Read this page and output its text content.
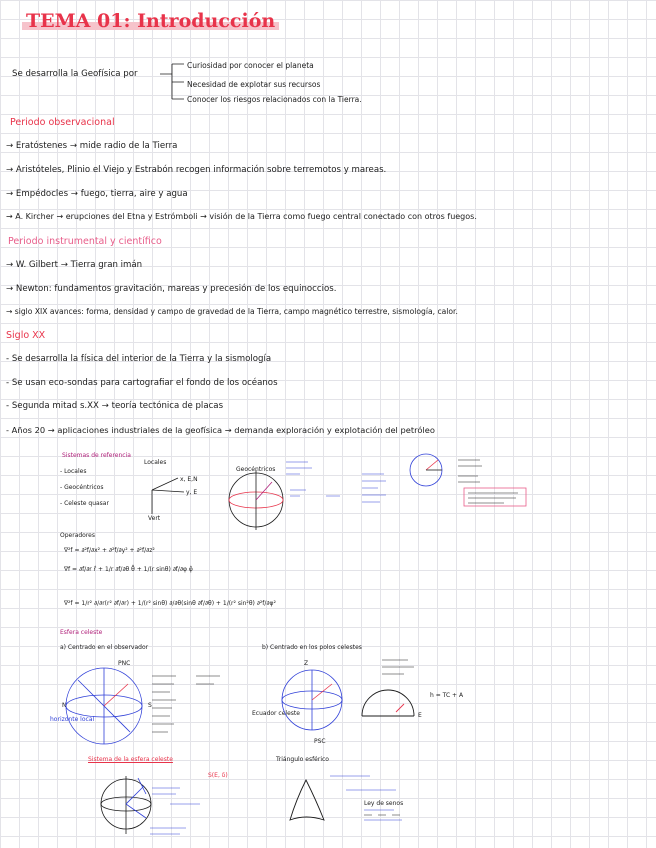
TEMA 01: Introducción
Se desarrolla la Geofísica por
Curiosidad por conocer el planeta
Necesidad de explotar sus recursos
Conocer los riesgos relacionados con la Tierra.
Periodo observacional
→ Eratóstenes → mide radio de la Tierra
→ Aristóteles, Plinio el Viejo y Estrabón recogen información sobre terremotos y mareas.
→ Empédocles → fuego, tierra, aire y agua
→ A. Kircher → erupciones del Etna y Estrómboli → visión de la Tierra como fuego central conectado con otros fuegos.
Periodo instrumental y científico
→ W. Gilbert → Tierra gran imán
→ Newton: fundamentos gravitación, mareas y precesión de los equinoccios.
→ siglo XIX avances: forma, densidad y campo de gravedad de la Tierra, campo magnético terrestre, sismología, calor.
Siglo XX
- Se desarrolla la física del interior de la Tierra y la sismología
- Se usan eco-sondas para cartografiar el fondo de los océanos
- Segunda mitad s.XX → teoría tectónica de placas
- Años 20 → aplicaciones industriales de la geofísica → demanda exploración y explotación del petróleo
Sistemas de referencia
- Locales
- Geocéntricos
- Celeste quasar
Locales
x, E,N
y, E
Vert
Geocéntricos
Operadores
∇²f = ∂²f/∂x² + ∂²f/∂y² + ∂²f/∂z²
∇f = ∂f/∂r r̂ + 1/r ∂f/∂θ θ̂ + 1/(r sinθ) ∂f/∂φ φ̂
∇²f = 1/r² ∂/∂r(r² ∂f/∂r) + 1/(r² sinθ) ∂/∂θ(sinθ ∂f/∂θ) + 1/(r² sin²θ) ∂²f/∂φ²
Esfera celeste
a) Centrado en el observador	b) Centrado en los polos celestes
horizonte local
Ecuador celeste
h = TC + A
Sistema de la esfera celeste
S(E, δ)
Triángulo esférico
Ley de senos
PNC
PSC
N	S
Z
E
